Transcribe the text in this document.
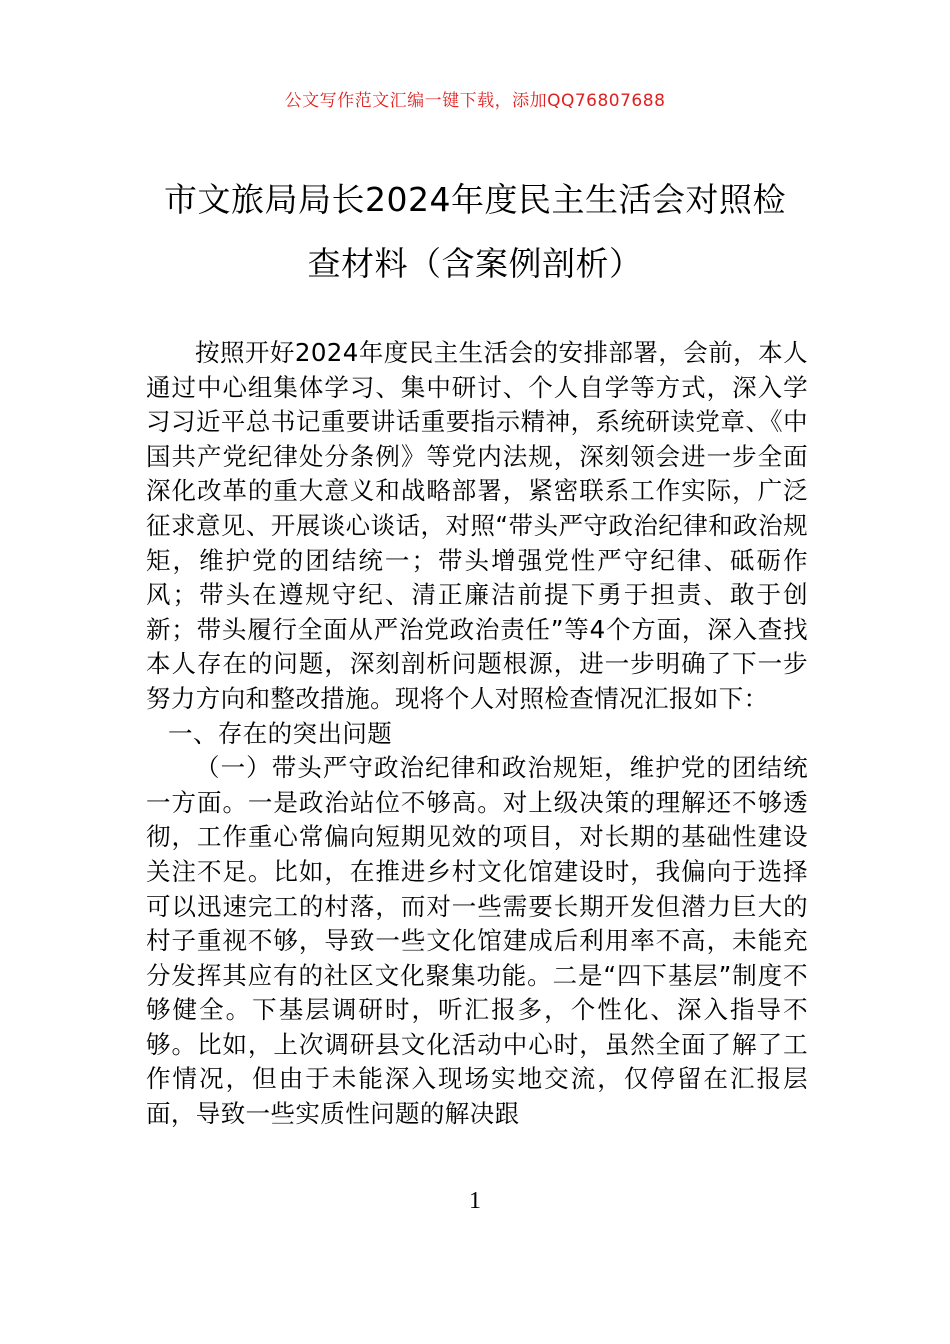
公文写作范文汇编一键下载，添加QQ76807688
市文旅局局长2024年度民主生活会对照检
查材料（含案例剖析）

按照开好2024年度民主生活会的安排部署，会前，本人通过中心组集体学习、集中研讨、个人自学等方式，深入学习习近平总书记重要讲话重要指示精神，系统研读党章、《中国共产党纪律处分条例》等党内法规，深刻领会进一步全面深化改革的重大意义和战略部署，紧密联系工作实际，广泛征求意见、开展谈心谈话，对照“带头严守政治纪律和政治规矩，维护党的团结统一；带头增强党性严守纪律、砥砺作风；带头在遵规守纪、清正廉洁前提下勇于担责、敢于创新；带头履行全面从严治党政治责任”等4个方面，深入查找本人存在的问题，深刻剖析问题根源，进一步明确了下一步努力方向和整改措施。现将个人对照检查情况汇报如下：

一、存在的突出问题

（一）带头严守政治纪律和政治规矩，维护党的团结统一方面。一是政治站位不够高。对上级决策的理解还不够透彻，工作重心常偏向短期见效的项目，对长期的基础性建设关注不足。比如，在推进乡村文化馆建设时，我偏向于选择可以迅速完工的村落，而对一些需要长期开发但潜力巨大的村子重视不够，导致一些文化馆建成后利用率不高，未能充分发挥其应有的社区文化聚集功能。二是“四下基层”制度不够健全。下基层调研时，听汇报多，个性化、深入指导不够。比如，上次调研县文化活动中心时，虽然全面了解了工作情况，但由于未能深入现场实地交流，仅停留在汇报层面，导致一些实质性问题的解决跟

1
